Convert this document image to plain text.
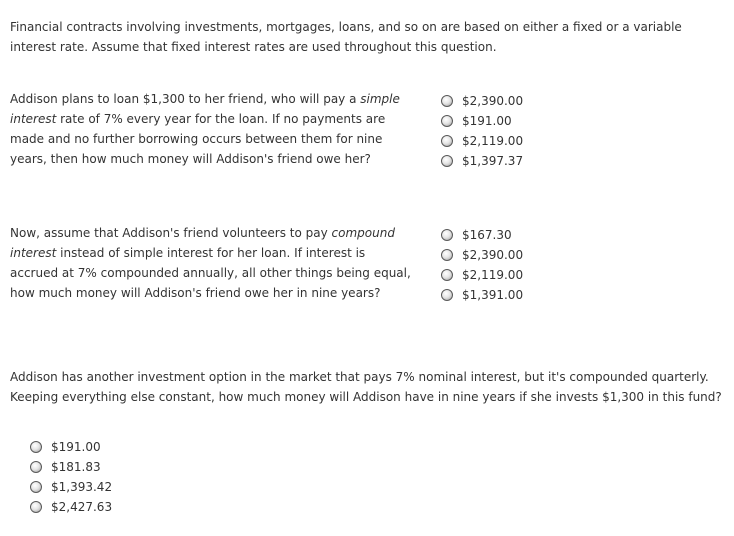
Financial contracts involving investments, mortgages, loans, and so on are based on either a fixed or a variable interest rate. Assume that fixed interest rates are used throughout this question.
Addison plans to loan $1,300 to her friend, who will pay a simple interest rate of 7% every year for the loan. If no payments are made and no further borrowing occurs between them for nine years, then how much money will Addison's friend owe her?
$2,390.00
$191.00
$2,119.00
$1,397.37
Now, assume that Addison's friend volunteers to pay compound interest instead of simple interest for her loan. If interest is accrued at 7% compounded annually, all other things being equal, how much money will Addison's friend owe her in nine years?
$167.30
$2,390.00
$2,119.00
$1,391.00
Addison has another investment option in the market that pays 7% nominal interest, but it's compounded quarterly. Keeping everything else constant, how much money will Addison have in nine years if she invests $1,300 in this fund?
$191.00
$181.83
$1,393.42
$2,427.63
